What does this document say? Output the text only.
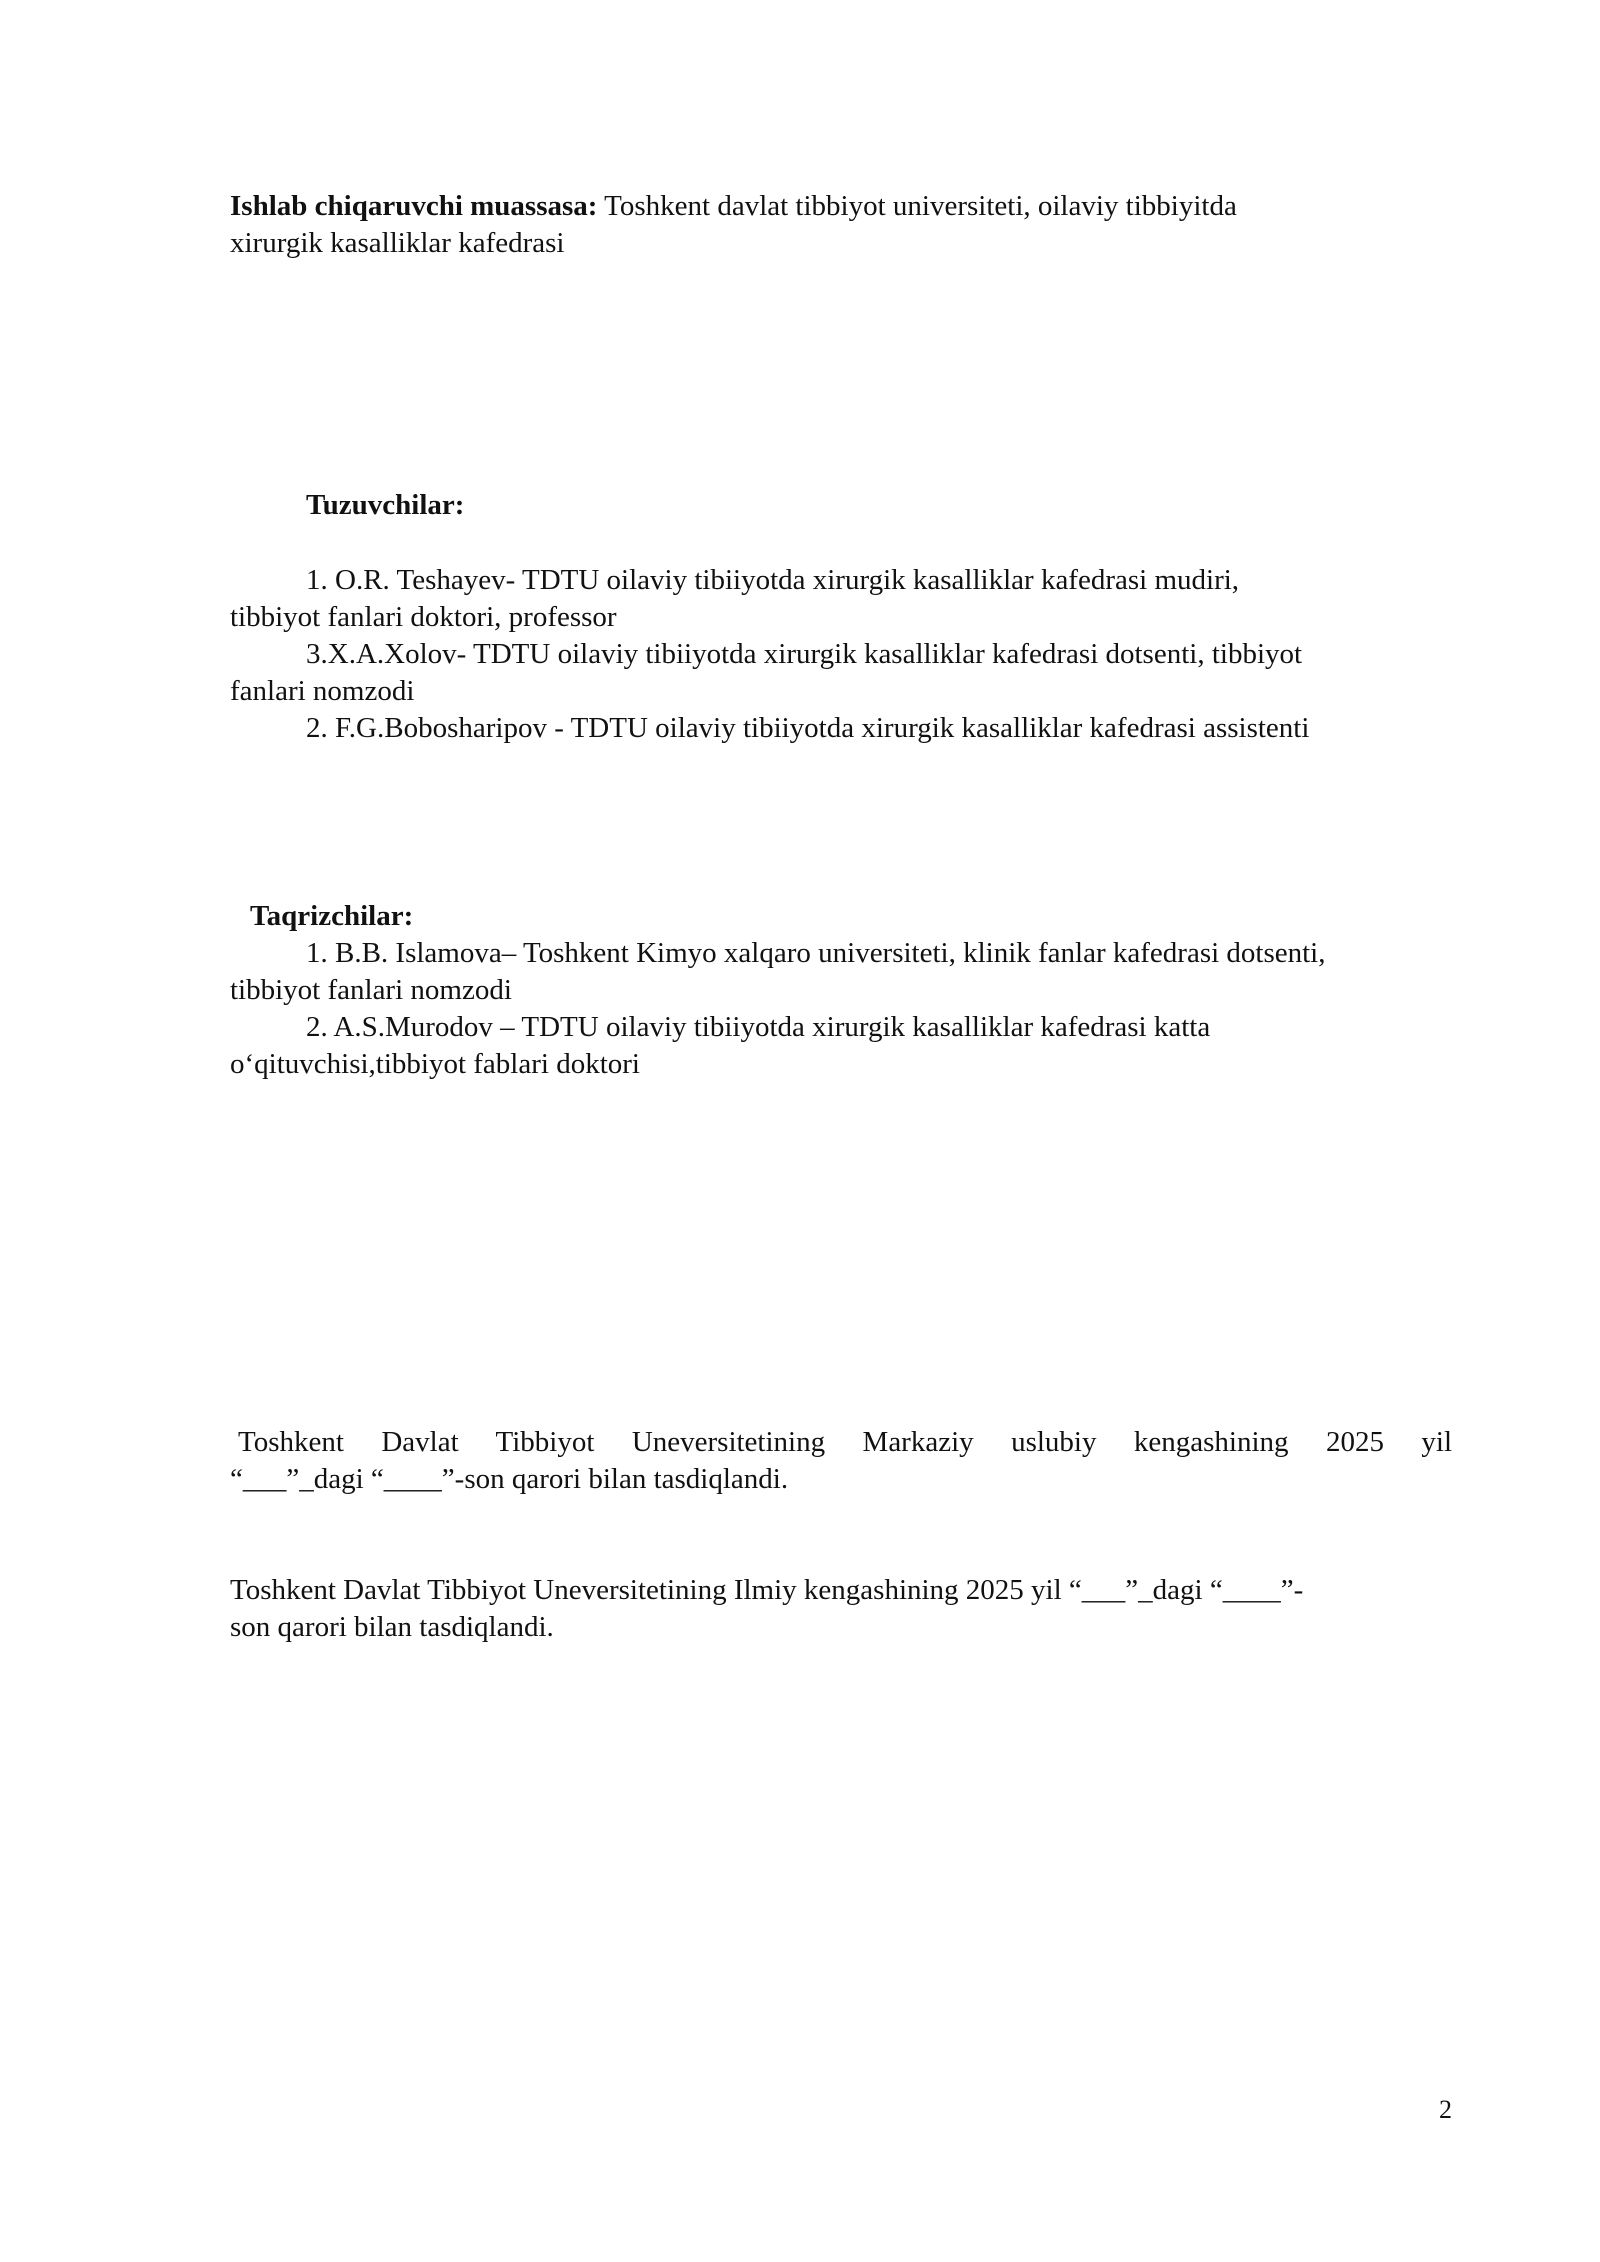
Ishlab chiqaruvchi muassasa: Toshkent davlat tibbiyot universiteti, oilaviy tibbiyitda
xirurgik kasalliklar kafedrasi
Tuzuvchilar:
1. O.R. Teshayev- TDTU oilaviy tibiiyotda xirurgik kasalliklar kafedrasi mudiri,
tibbiyot fanlari doktori, professor
3.X.A.Xolov- TDTU oilaviy tibiiyotda xirurgik kasalliklar kafedrasi dotsenti, tibbiyot
fanlari nomzodi
2. F.G.Bobosharipov - TDTU oilaviy tibiiyotda xirurgik kasalliklar kafedrasi assistenti
Taqrizchilar:
1. B.B. Islamova– Toshkent Kimyo xalqaro universiteti, klinik fanlar kafedrasi dotsenti,
tibbiyot fanlari nomzodi
2. A.S.Murodov – TDTU oilaviy tibiiyotda xirurgik kasalliklar kafedrasi katta
o‘qituvchisi,tibbiyot fablari doktori
Toshkent Davlat Tibbiyot Uneversitetining Markaziy uslubiy kengashining 2025 yil
“___”_dagi “____”-son qarori bilan tasdiqlandi.
Toshkent Davlat Tibbiyot Uneversitetining Ilmiy kengashining 2025 yil “___”_dagi “____”-
son qarori bilan tasdiqlandi.
2
